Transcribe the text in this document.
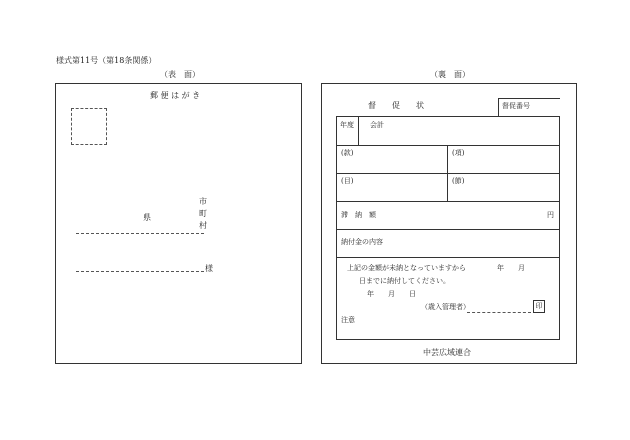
様式第11号（第18条関係）
（表　面）
郵 便 は が き
県
市
町
村
様
（裏　面）
督　　促　　状	督促番号
年度 会計
(款)	(項)
(目)	(節)
滞　納　額	円
納付金の内容
上記の金額が未納となっていますから	年　　月
日までに納付してください。
年　　月　　日
（歳入管理者）	印
注意
中芸広域連合
